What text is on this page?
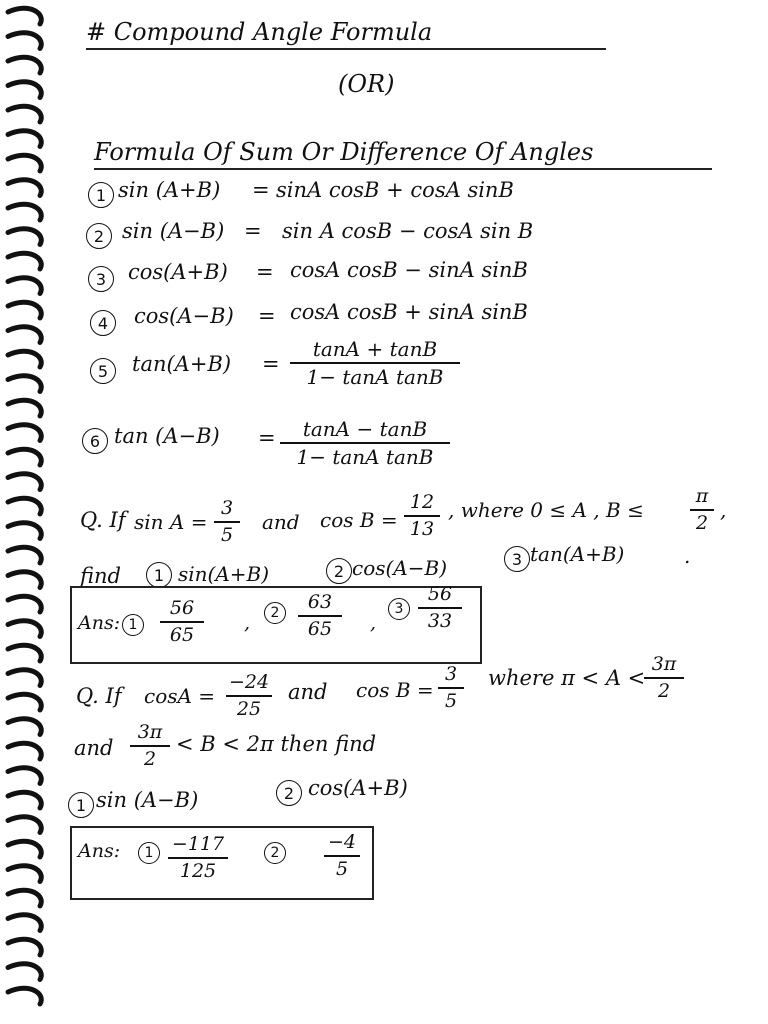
# Compound Angle Formula
(OR)
Formula Of Sum Or Difference Of Angles
1 sin (A+B) = sinA cosB + cosA sinB
2 sin (A−B) = sin A cosB − cosA sin B
3	cos(A+B) = cosA cosB − sinA sinB
4	cos(A−B) = cosA cosB + sinA sinB
5	tan(A+B) =
tanA + tanB
1− tanA tanB
6 tan (A−B) = tanA − tanB
1− tanA tanB
Q. If sin A =
3
5
and cos B =
12
13
, where 0 ≤ A , B ≤
π
2
,
find	1 sin(A+B)	2 cos(A−B)	3 tan(A+B)	.
Ans: 1
56
65
,	2	63
65 ,
3
56
33
Q. If cosA =
−24
25
and cos B =
3
5
where π < A <
3π
2
and
3π
2
< B < 2π then find
1 sin (A−B)	2 cos(A+B)
Ans:	1 −117
125
2	−4
5
